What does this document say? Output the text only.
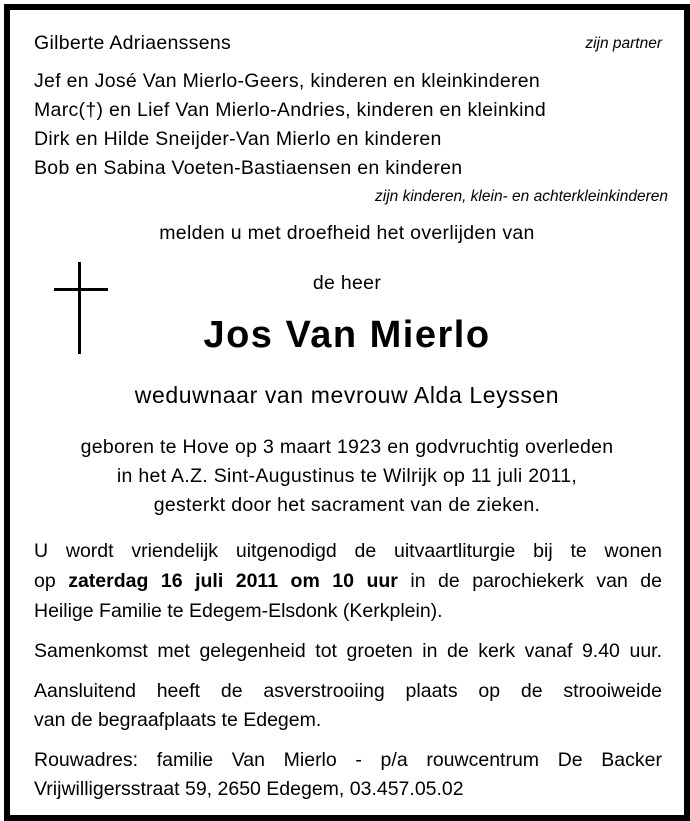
Gilberte Adriaenssens	zijn partner
Jef en José Van Mierlo-Geers, kinderen en kleinkinderen
Marc(†) en Lief Van Mierlo-Andries, kinderen en kleinkind
Dirk en Hilde Sneijder-Van Mierlo en kinderen
Bob en Sabina Voeten-Bastiaensen en kinderen
zijn kinderen, klein- en achterkleinkinderen
melden u met droefheid het overlijden van
de heer
Jos Van Mierlo
weduwnaar van mevrouw Alda Leyssen
geboren te Hove op 3 maart 1923 en godvruchtig overleden
in het A.Z. Sint-Augustinus te Wilrijk op 11 juli 2011,
gesterkt door het sacrament van de zieken.
U wordt vriendelijk uitgenodigd de uitvaartliturgie bij te wonen
op zaterdag 16 juli 2011 om 10 uur in de parochiekerk van de
Heilige Familie te Edegem-Elsdonk (Kerkplein).
Samenkomst met gelegenheid tot groeten in de kerk vanaf 9.40 uur.
Aansluitend heeft de asverstrooiing plaats op de strooiweide
van de begraafplaats te Edegem.
Rouwadres: familie Van Mierlo - p/a rouwcentrum De Backer
Vrijwilligersstraat 59, 2650 Edegem, 03.457.05.02
